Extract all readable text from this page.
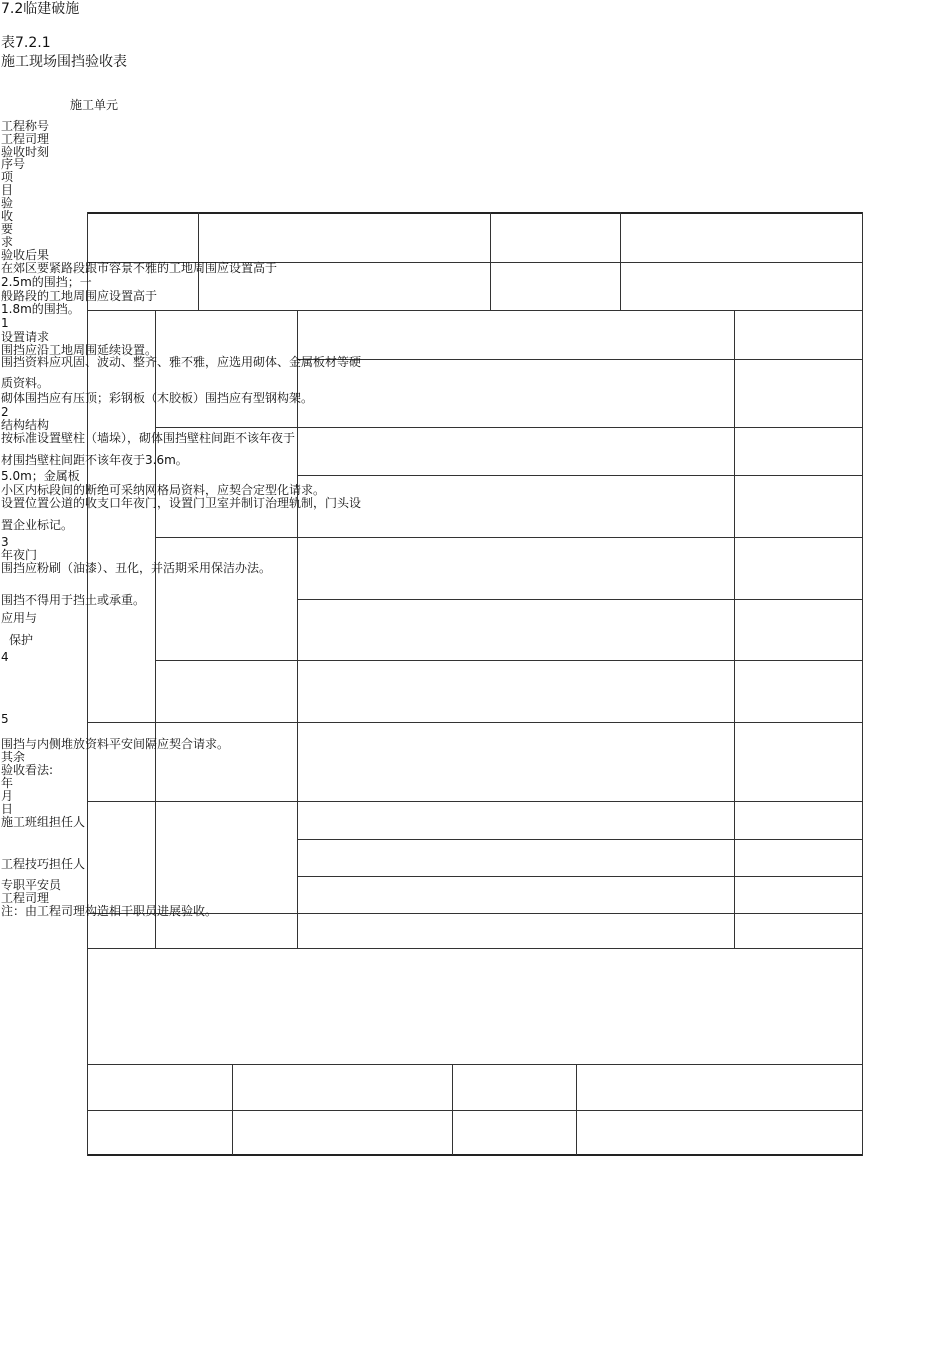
7.2临建破施
表7.2.1
施工现场围挡验收表
施工单元
工程称号
工程司理
验收时刻
序号
项
目
验
收
要
求
验收后果
在郊区要紧路段跟市容景不雅的工地周围应设置高于
2.5m的围挡；一
般路段的工地周围应设置高于
1.8m的围挡。
1
设置请求
围挡应沿工地周围延续设置。
围挡资料应巩固、波动、整齐、雅不雅，应选用砌体、金属板材等硬
质资料。
砌体围挡应有压顶；彩钢板（木胶板）围挡应有型钢构架。
2
结构结构
按标准设置壁柱（墙垛），砌体围挡壁柱间距不该年夜于
材围挡壁柱间距不该年夜于3.6m。
5.0m；金属板
小区内标段间的断绝可采纳网格局资料，应契合定型化请求。
设置位置公道的收支口年夜门，设置门卫室并制订治理轨制，门头设
置企业标记。
3
年夜门
围挡应粉刷（油漆）、丑化，并活期采用保洁办法。
围挡不得用于挡土或承重。
应用与
保护
4
5
围挡与内侧堆放资料平安间隔应契合请求。
其余
验收看法:
年
月
日
施工班组担任人
工程技巧担任人
专职平安员
工程司理
注：由工程司理构造相干职员进展验收。
